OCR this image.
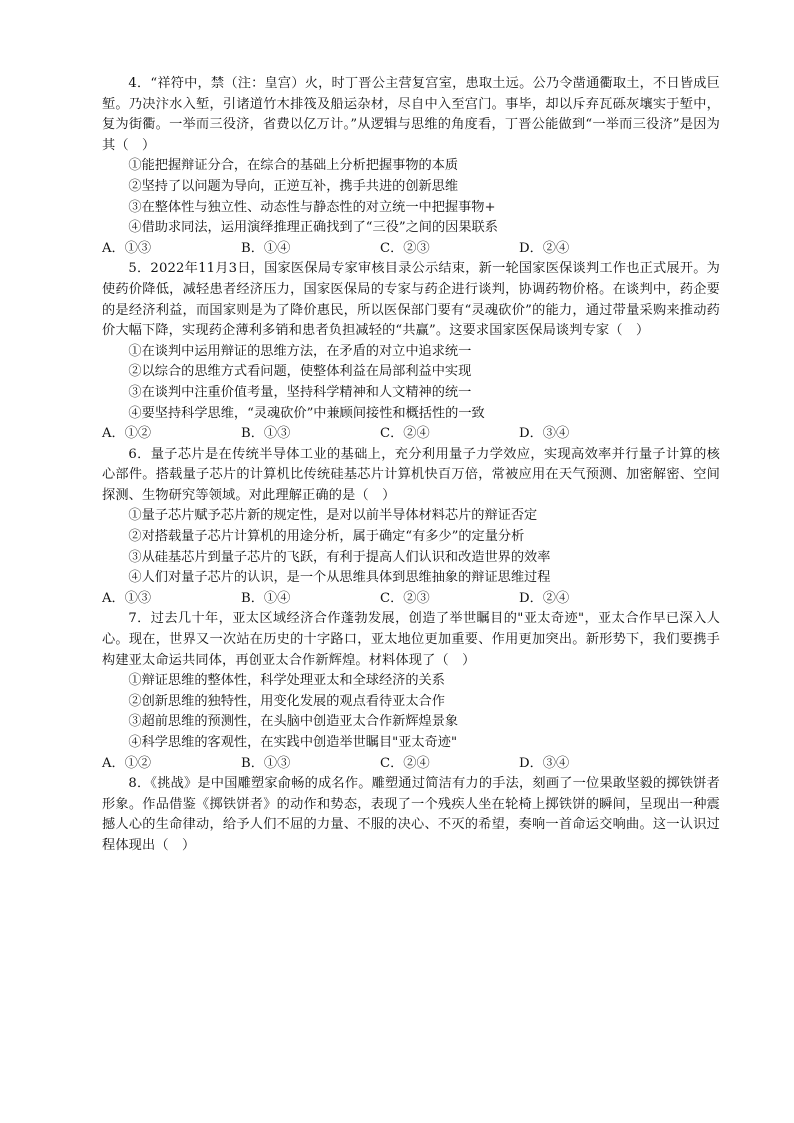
4．“祥符中，禁（注：皇宫）火，时丁晋公主营复宫室，患取土远。公乃令凿通衢取土，不日皆成巨堑。乃决汴水入堑，引诸道竹木排筏及船运杂材，尽自中入至宫门。事毕，却以斥弃瓦砾灰壤实于堑中，复为街衢。一举而三役济，省费以亿万计。”从逻辑与思维的角度看，丁晋公能做到“一举而三役济”是因为其（　）

①能把握辩证分合，在综合的基础上分析把握事物的本质

②坚持了以问题为导向，正逆互补，携手共进的创新思维

③在整体性与独立性、动态性与静态性的对立统一中把握事物+

④借助求同法，运用演绎推理正确找到了“三役”之间的因果联系

A．①③	B．①④	C．②③	D．②④

5．2022年11月3日，国家医保局专家审核目录公示结束，新一轮国家医保谈判工作也正式展开。为使药价降低，减轻患者经济压力，国家医保局的专家与药企进行谈判，协调药物价格。在谈判中，药企要的是经济利益，而国家则是为了降价惠民，所以医保部门要有“灵魂砍价”的能力，通过带量采购来推动药价大幅下降，实现药企薄利多销和患者负担减轻的“共赢”。这要求国家医保局谈判专家（　）

①在谈判中运用辩证的思维方法，在矛盾的对立中追求统一

②以综合的思维方式看问题，使整体利益在局部利益中实现

③在谈判中注重价值考量，坚持科学精神和人文精神的统一

④要坚持科学思维，“灵魂砍价”中兼顾间接性和概括性的一致

A．①②	B．①③	C．②④	D．③④

6．量子芯片是在传统半导体工业的基础上，充分利用量子力学效应，实现高效率并行量子计算的核心部件。搭载量子芯片的计算机比传统硅基芯片计算机快百万倍，常被应用在天气预测、加密解密、空间探测、生物研究等领域。对此理解正确的是（　）

①量子芯片赋予芯片新的规定性，是对以前半导体材料芯片的辩证否定

②对搭载量子芯片计算机的用途分析，属于确定“有多少”的定量分析

③从硅基芯片到量子芯片的飞跃，有利于提高人们认识和改造世界的效率

④人们对量子芯片的认识，是一个从思维具体到思维抽象的辩证思维过程

A．①③	B．①④	C．②③	D．②④

7．过去几十年，亚太区域经济合作蓬勃发展，创造了举世瞩目的"亚太奇迹"，亚太合作早已深入人心。现在，世界又一次站在历史的十字路口，亚太地位更加重要、作用更加突出。新形势下，我们要携手构建亚太命运共同体，再创亚太合作新辉煌。材料体现了（　）

①辩证思维的整体性，科学处理亚太和全球经济的关系

②创新思维的独特性，用变化发展的观点看待亚太合作

③超前思维的预测性，在头脑中创造亚太合作新辉煌景象

④科学思维的客观性，在实践中创造举世瞩目"亚太奇迹"

A．①②	B．①③	C．②④	D．③④

8．《挑战》是中国雕塑家俞畅的成名作。雕塑通过简洁有力的手法，刻画了一位果敢坚毅的掷铁饼者形象。作品借鉴《掷铁饼者》的动作和势态，表现了一个残疾人坐在轮椅上掷铁饼的瞬间，呈现出一种震撼人心的生命律动，给予人们不屈的力量、不服的决心、不灭的希望，奏响一首命运交响曲。这一认识过程体现出（　）
